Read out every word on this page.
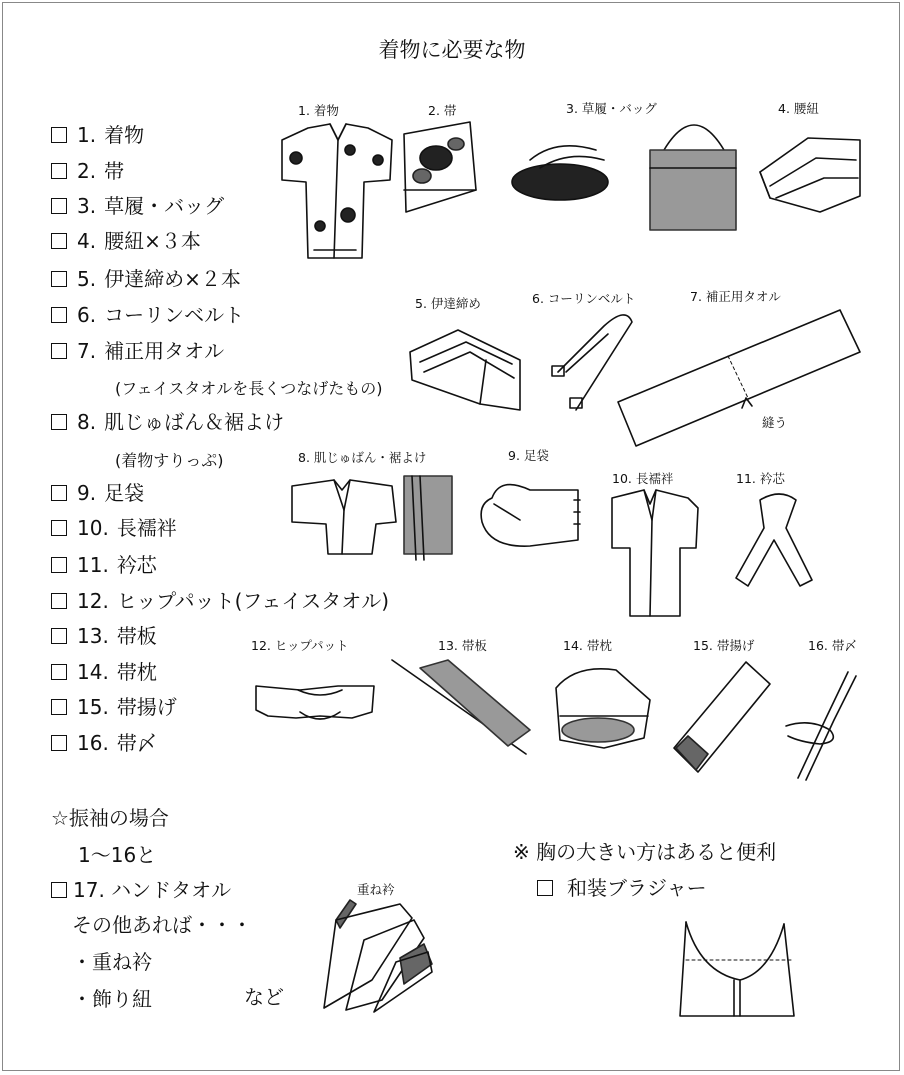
着物に必要な物
1. 着物
2. 帯
3. 草履・バッグ
4. 腰紐×３本
5. 伊達締め×２本
6. コーリンベルト
7. 補正用タオル
(フェイスタオルを長くつなげたもの)
8. 肌じゅばん＆裾よけ
(着物すりっぷ)
9. 足袋
10. 長襦袢
11. 衿芯
12. ヒップパット(フェイスタオル)
13. 帯板
14. 帯枕
15. 帯揚げ
16. 帯〆
☆振袖の場合
1～16と
17. ハンドタオル
その他あれば・・・
・重ね衿
・飾り紐	など
※ 胸の大きい方はあると便利
和装ブラジャー
1. 着物	2. 帯	3. 草履・バッグ	4. 腰紐
5. 伊達締め	6. コーリンベルト	7. 補正用タオル
縫う
8. 肌じゅばん・裾よけ	9. 足袋
10. 長襦袢	11. 衿芯
12. ヒップパット	13. 帯板	14. 帯枕	15. 帯揚げ	16. 帯〆
重ね衿
